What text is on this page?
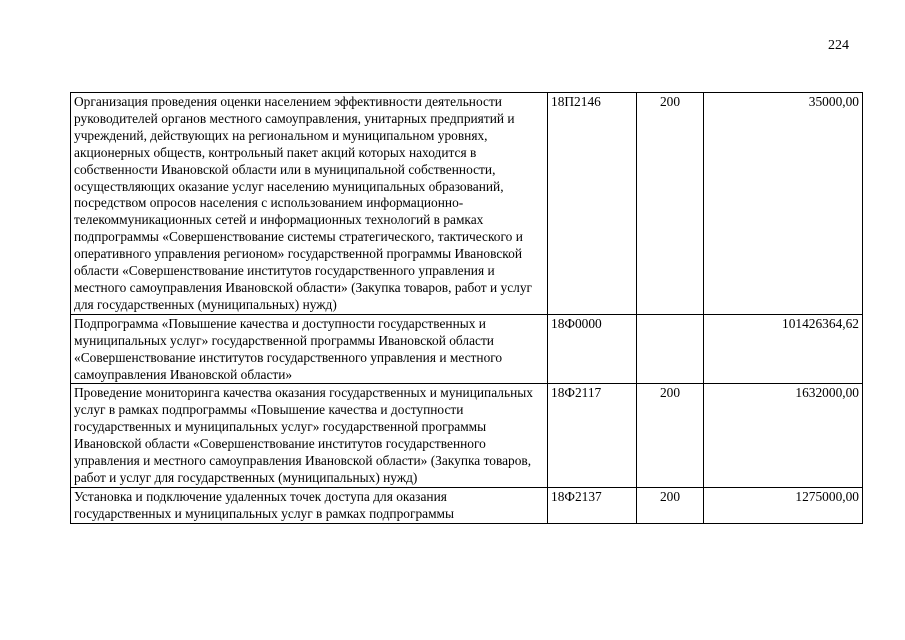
224
Организация проведения оценки населением эффективности деятельности руководителей органов местного самоуправления, унитарных предприятий и учреждений, действующих на региональном и муниципальном уровнях, акционерных обществ, контрольный пакет акций которых находится в собственности Ивановской области или в муниципальной собственности, осуществляющих оказание услуг населению муниципальных образований, посредством опросов населения с использованием информационно-телекоммуникационных сетей и информационных технологий в рамках подпрограммы «Совершенствование системы стратегического, тактического и оперативного управления регионом» государственной программы Ивановской области «Совершенствование институтов государственного управления и местного самоуправления Ивановской области» (Закупка товаров, работ и услуг для государственных (муниципальных) нужд)	18П2146	200	35000,00
Подпрограмма «Повышение качества и доступности государственных и муниципальных услуг» государственной программы Ивановской области «Совершенствование институтов государственного управления и местного самоуправления Ивановской области»	18Ф0000		101426364,62
Проведение мониторинга качества оказания государственных и муниципальных услуг в рамках подпрограммы «Повышение качества и доступности государственных и муниципальных услуг» государственной программы Ивановской области «Совершенствование институтов государственного управления и местного самоуправления Ивановской области» (Закупка товаров, работ и услуг для государственных (муниципальных) нужд)	18Ф2117	200	1632000,00
Установка и подключение удаленных точек доступа для оказания государственных и муниципальных услуг в рамках подпрограммы	18Ф2137	200	1275000,00
